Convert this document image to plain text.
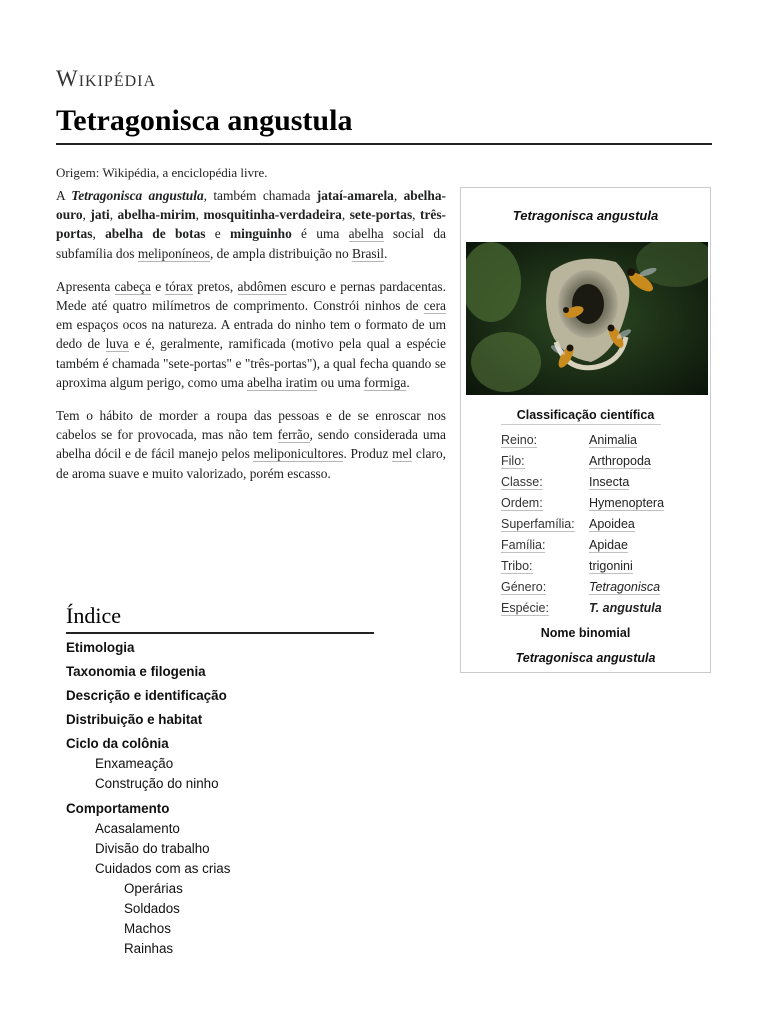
Wikipédia
Tetragonisca angustula
Origem: Wikipédia, a enciclopédia livre.

A Tetragonisca angustula, também chamada jataí-amarela, abelha-ouro, jati, abelha-mirim, mosquitinha-verdadeira, sete-portas, três-portas, abelha de botas e minguinho é uma abelha social da subfamília dos meliponíneos, de ampla distribuição no Brasil.

Apresenta cabeça e tórax pretos, abdômen escuro e pernas pardacentas. Mede até quatro milímetros de comprimento. Constrói ninhos de cera em espaços ocos na natureza. A entrada do ninho tem o formato de um dedo de luva e é, geralmente, ramificada (motivo pela qual a espécie também é chamada "sete-portas" e "três-portas"), a qual fecha quando se aproxima algum perigo, como uma abelha iratim ou uma formiga.

Tem o hábito de morder a roupa das pessoas e de se enroscar nos cabelos se for provocada, mas não tem ferrão, sendo considerada uma abelha dócil e de fácil manejo pelos meliponicultores. Produz mel claro, de aroma suave e muito valorizado, porém escasso.

Tetragonisca angustula
Classificação científica
Reino:	Animalia
Filo:	Arthropoda
Classe:	Insecta
Ordem:	Hymenoptera
Superfamília: Apoidea
Família:	Apidae
Tribo:	trigonini
Género:	Tetragonisca
Espécie:	T. angustula
Nome binomial
Tetragonisca angustula
Índice
Etimologia
Taxonomia e filogenia
Descrição e identificação
Distribuição e habitat
Ciclo da colônia
Enxameação
Construção do ninho
Comportamento
Acasalamento
Divisão do trabalho
Cuidados com as crias
Operárias
Soldados
Machos
Rainhas
